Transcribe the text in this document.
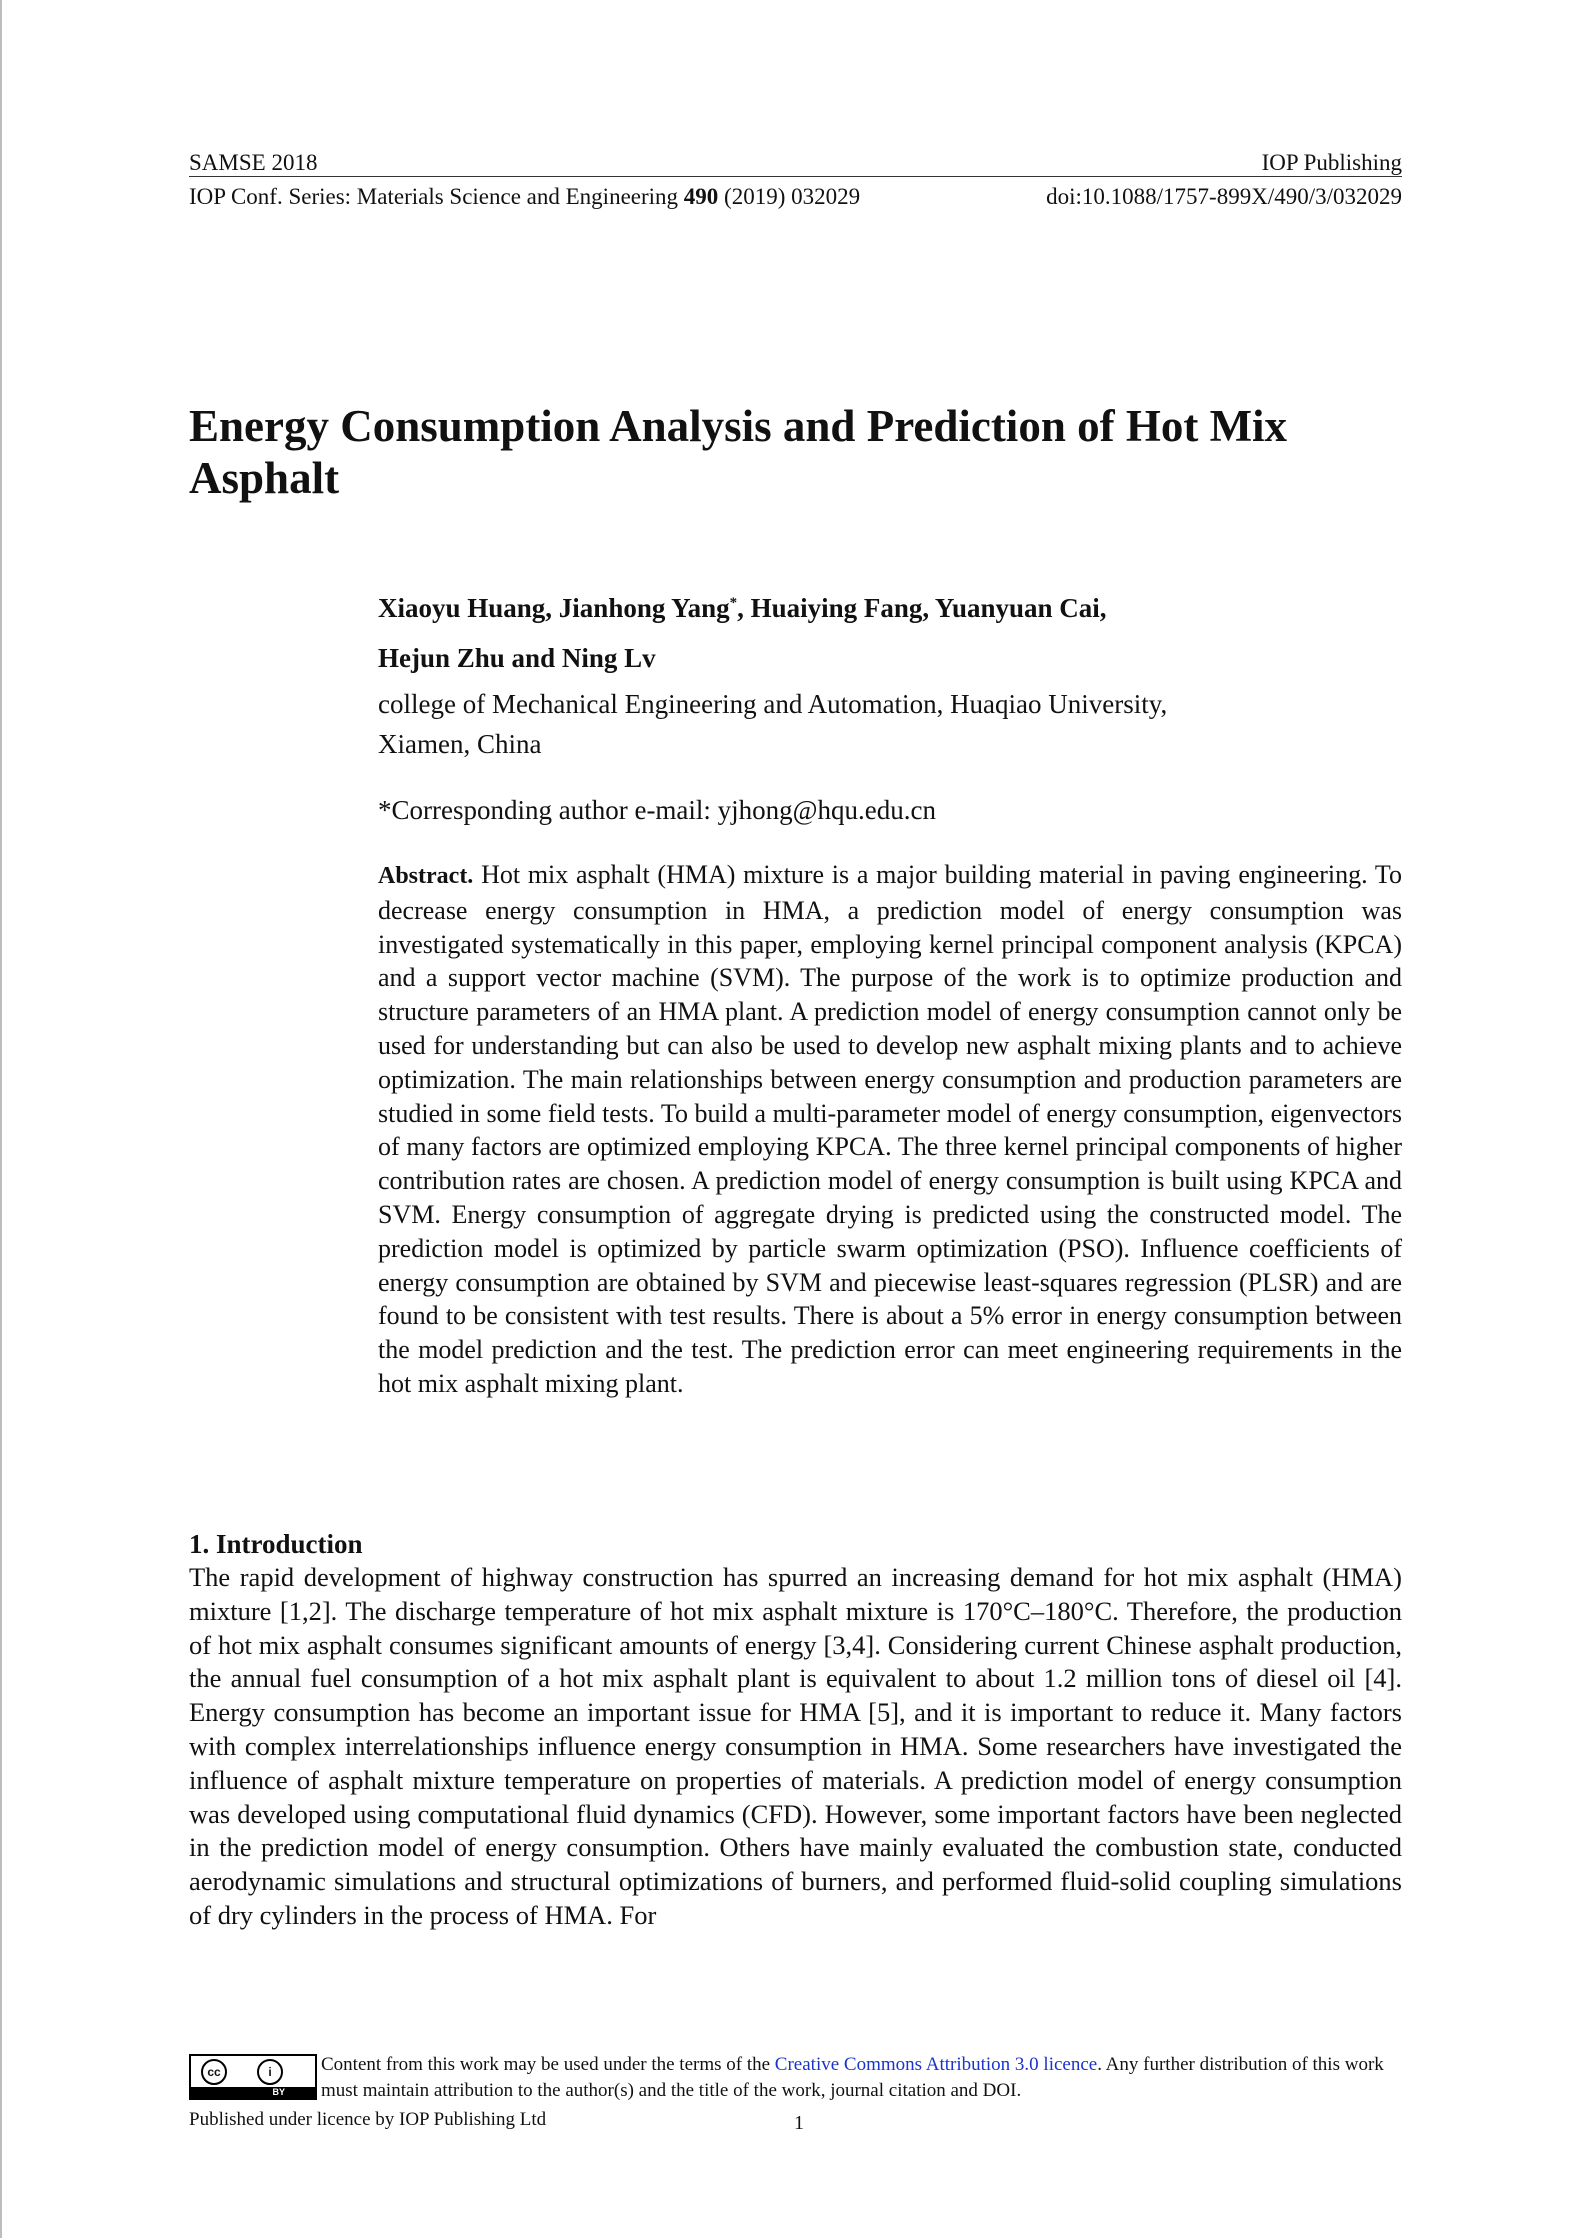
SAMSE 2018	IOP Publishing
IOP Conf. Series: Materials Science and Engineering 490 (2019) 032029	doi:10.1088/1757-899X/490/3/032029
Energy Consumption Analysis and Prediction of Hot Mix
Asphalt
Xiaoyu Huang, Jianhong Yang*, Huaiying Fang, Yuanyuan Cai,
Hejun Zhu and Ning Lv
college of Mechanical Engineering and Automation, Huaqiao University,
Xiamen, China
*Corresponding author e-mail: yjhong@hqu.edu.cn
Abstract. Hot mix asphalt (HMA) mixture is a major building material in paving engineering. To decrease energy consumption in HMA, a prediction model of energy consumption was investigated systematically in this paper, employing kernel principal component analysis (KPCA) and a support vector machine (SVM). The purpose of the work is to optimize production and structure parameters of an HMA plant. A prediction model of energy consumption cannot only be used for understanding but can also be used to develop new asphalt mixing plants and to achieve optimization. The main relationships between energy consumption and production parameters are studied in some field tests. To build a multi-parameter model of energy consumption, eigenvectors of many factors are optimized employing KPCA. The three kernel principal components of higher contribution rates are chosen. A prediction model of energy consumption is built using KPCA and SVM. Energy consumption of aggregate drying is predicted using the constructed model. The prediction model is optimized by particle swarm optimization (PSO). Influence coefficients of energy consumption are obtained by SVM and piecewise least-squares regression (PLSR) and are found to be consistent with test results. There is about a 5% error in energy consumption between the model prediction and the test. The prediction error can meet engineering requirements in the hot mix asphalt mixing plant.
1. Introduction
The rapid development of highway construction has spurred an increasing demand for hot mix asphalt (HMA) mixture [1,2]. The discharge temperature of hot mix asphalt mixture is 170°C–180°C. Therefore, the production of hot mix asphalt consumes significant amounts of energy [3,4]. Considering current Chinese asphalt production, the annual fuel consumption of a hot mix asphalt plant is equivalent to about 1.2 million tons of diesel oil [4]. Energy consumption has become an important issue for HMA [5], and it is important to reduce it. Many factors with complex interrelationships influence energy consumption in HMA. Some researchers have investigated the influence of asphalt mixture temperature on properties of materials. A prediction model of energy consumption was developed using computational fluid dynamics (CFD). However, some important factors have been neglected in the prediction model of energy consumption. Others have mainly evaluated the combustion state, conducted aerodynamic simulations and structural optimizations of burners, and performed fluid-solid coupling simulations of dry cylinders in the process of HMA. For
cc	i
BY
Content from this work may be used under the terms of the Creative Commons Attribution 3.0 licence. Any further distribution of this work must maintain attribution to the author(s) and the title of the work, journal citation and DOI.
Published under licence by IOP Publishing Ltd	1
